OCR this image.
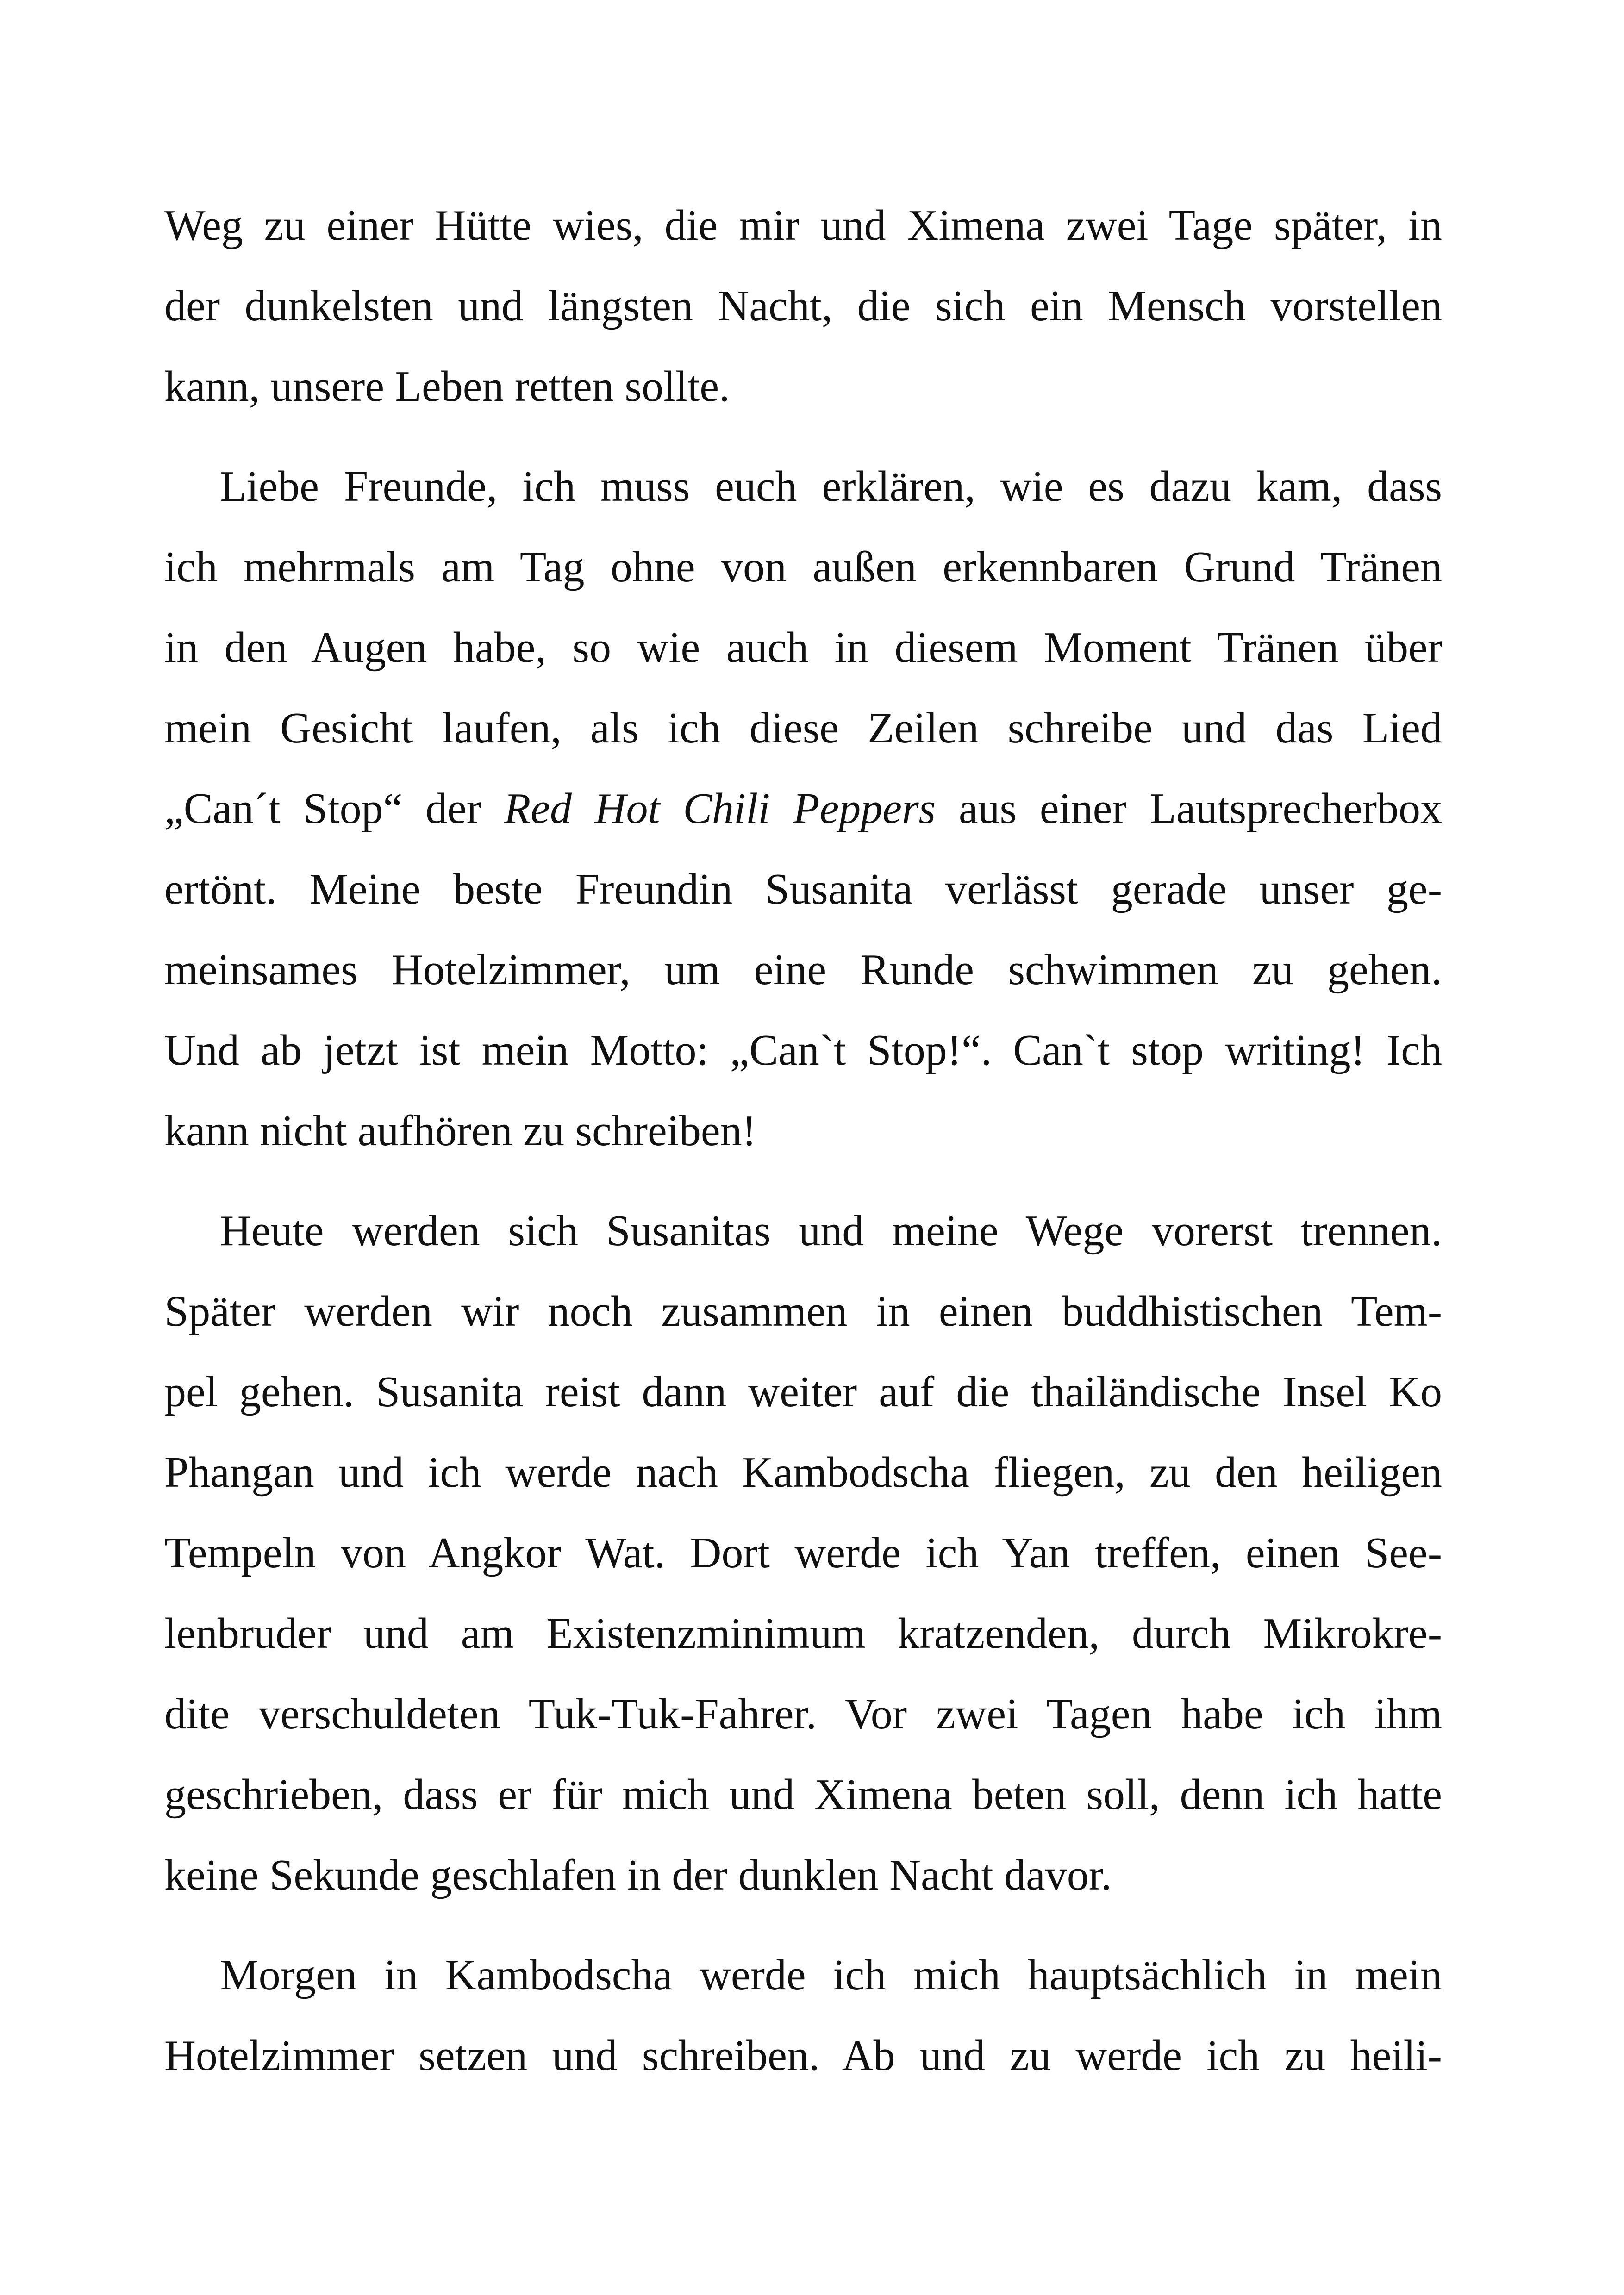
Weg zu einer Hütte wies, die mir und Ximena zwei Tage später, in
der dunkelsten und längsten Nacht, die sich ein Mensch vorstellen
kann, unsere Leben retten sollte.

Liebe Freunde, ich muss euch erklären, wie es dazu kam, dass
ich mehrmals am Tag ohne von außen erkennbaren Grund Tränen
in den Augen habe, so wie auch in diesem Moment Tränen über
mein Gesicht laufen, als ich diese Zeilen schreibe und das Lied
„Can´t Stop“ der Red Hot Chili Peppers aus einer Lautsprecherbox
ertönt. Meine beste Freundin Susanita verlässt gerade unser ge-
meinsames Hotelzimmer, um eine Runde schwimmen zu gehen.
Und ab jetzt ist mein Motto: „Can`t Stop!“. Can`t stop writing! Ich
kann nicht aufhören zu schreiben!

Heute werden sich Susanitas und meine Wege vorerst trennen.
Später werden wir noch zusammen in einen buddhistischen Tem-
pel gehen. Susanita reist dann weiter auf die thailändische Insel Ko
Phangan und ich werde nach Kambodscha fliegen, zu den heiligen
Tempeln von Angkor Wat. Dort werde ich Yan treffen, einen See-
lenbruder und am Existenzminimum kratzenden, durch Mikrokre-
dite verschuldeten Tuk-Tuk-Fahrer. Vor zwei Tagen habe ich ihm
geschrieben, dass er für mich und Ximena beten soll, denn ich hatte
keine Sekunde geschlafen in der dunklen Nacht davor.

Morgen in Kambodscha werde ich mich hauptsächlich in mein
Hotelzimmer setzen und schreiben. Ab und zu werde ich zu heili-
